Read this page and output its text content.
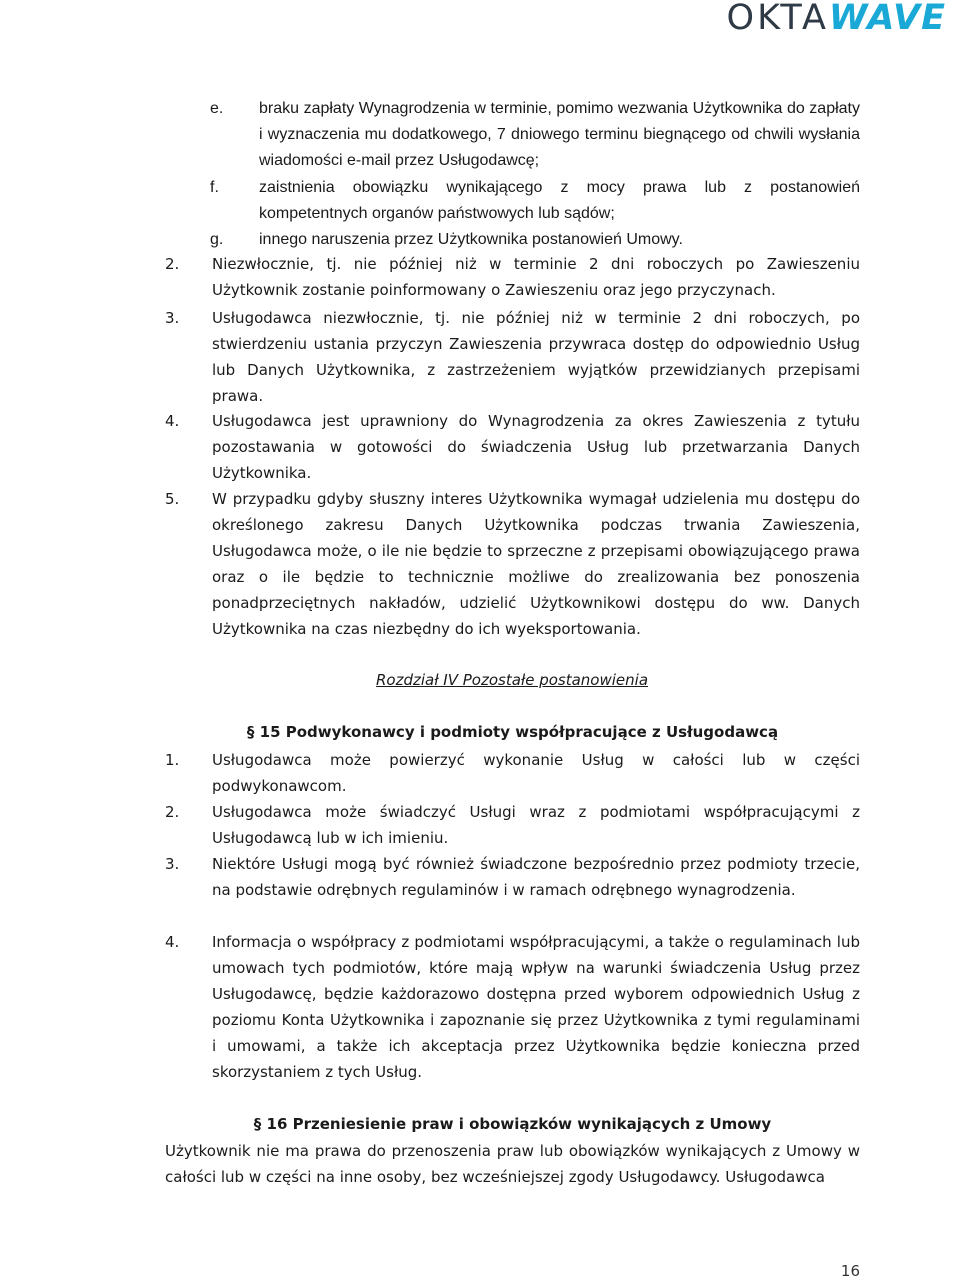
OKTAWAVE
e. braku zapłaty Wynagrodzenia w terminie, pomimo wezwania Użytkownika do zapłaty i wyznaczenia mu dodatkowego, 7 dniowego terminu biegnącego od chwili wysłania wiadomości e-mail przez Usługodawcę;
f.	zaistnienia obowiązku wynikającego z mocy prawa lub z postanowień kompetentnych organów państwowych lub sądów;
g. innego naruszenia przez Użytkownika postanowień Umowy.
2. Niezwłocznie, tj. nie później niż w terminie 2 dni roboczych po Zawieszeniu Użytkownik zostanie poinformowany o Zawieszeniu oraz jego przyczynach.
3. Usługodawca niezwłocznie, tj. nie później niż w terminie 2 dni roboczych, po stwierdzeniu ustania przyczyn Zawieszenia przywraca dostęp do odpowiednio Usług lub Danych Użytkownika, z zastrzeżeniem wyjątków przewidzianych przepisami prawa.
4. Usługodawca jest uprawniony do Wynagrodzenia za okres Zawieszenia z tytułu pozostawania w gotowości do świadczenia Usług lub przetwarzania Danych Użytkownika.
5. W przypadku gdyby słuszny interes Użytkownika wymagał udzielenia mu dostępu do określonego zakresu Danych Użytkownika podczas trwania Zawieszenia, Usługodawca może, o ile nie będzie to sprzeczne z przepisami obowiązującego prawa oraz o ile będzie to technicznie możliwe do zrealizowania bez ponoszenia ponadprzeciętnych nakładów, udzielić Użytkownikowi dostępu do ww. Danych Użytkownika na czas niezbędny do ich wyeksportowania.
Rozdział IV Pozostałe postanowienia
§ 15 Podwykonawcy i podmioty współpracujące z Usługodawcą
1. Usługodawca może powierzyć wykonanie Usług w całości lub w części podwykonawcom.
2. Usługodawca może świadczyć Usługi wraz z podmiotami współpracującymi z Usługodawcą lub w ich imieniu.
3. Niektóre Usługi mogą być również świadczone bezpośrednio przez podmioty trzecie, na podstawie odrębnych regulaminów i w ramach odrębnego wynagrodzenia.
4. Informacja o współpracy z podmiotami współpracującymi, a także o regulaminach lub umowach tych podmiotów, które mają wpływ na warunki świadczenia Usług przez Usługodawcę, będzie każdorazowo dostępna przed wyborem odpowiednich Usług z poziomu Konta Użytkownika i zapoznanie się przez Użytkownika z tymi regulaminami i umowami, a także ich akceptacja przez Użytkownika będzie konieczna przed skorzystaniem z tych Usług.
§ 16 Przeniesienie praw i obowiązków wynikających z Umowy
Użytkownik nie ma prawa do przenoszenia praw lub obowiązków wynikających z Umowy w całości lub w części na inne osoby, bez wcześniejszej zgody Usługodawcy. Usługodawca
16
